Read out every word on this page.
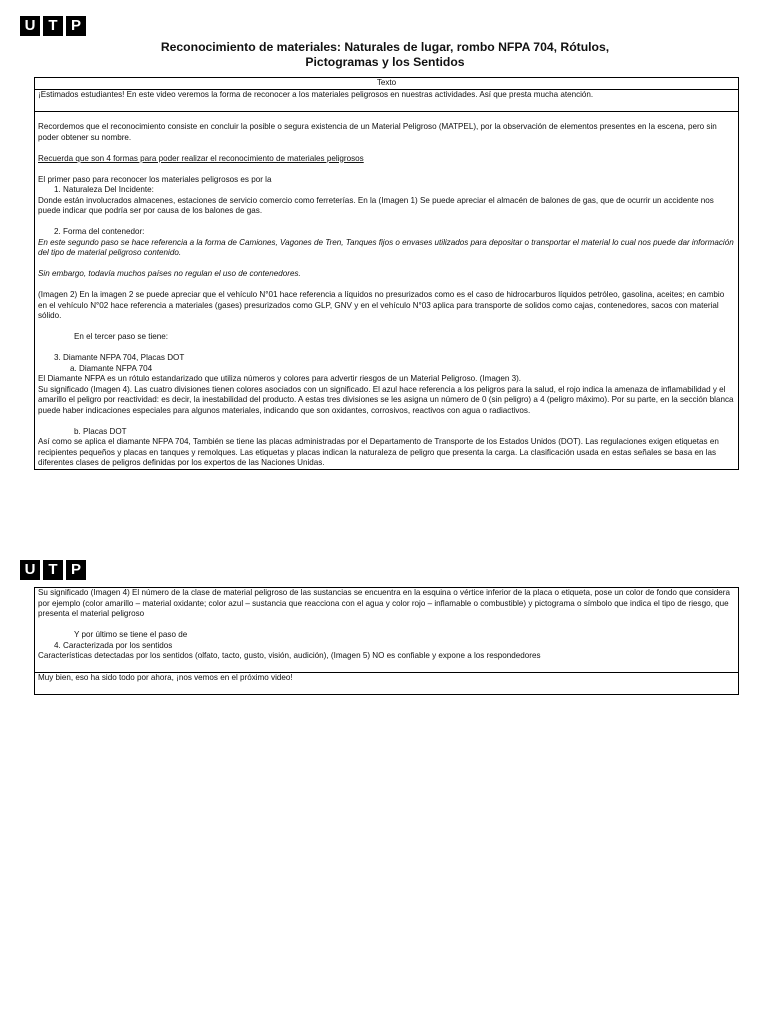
U T P
Reconocimiento de materiales: Naturales de lugar, rombo NFPA 704, Rótulos,
Pictogramas y los Sentidos
Texto

¡Estimados estudiantes! En este video veremos la forma de reconocer a los materiales peligrosos en nuestras actividades. Así que presta mucha atención.

Recordemos que el reconocimiento consiste en concluir la posible o segura existencia de un Material Peligroso (MATPEL), por la observación de elementos presentes en la escena, pero sin poder obtener su nombre.

Recuerda que son 4 formas para poder realizar el reconocimiento de materiales peligrosos

El primer paso para reconocer los materiales peligrosos es por la

1. Naturaleza Del Incidente:

Donde están involucrados almacenes, estaciones de servicio comercio como ferreterías. En la (Imagen 1) Se puede apreciar el almacén de balones de gas, que de ocurrir un accidente nos puede indicar que podría ser por causa de los balones de gas.

2. Forma del contenedor:

En este segundo paso se hace referencia a la forma de Camiones, Vagones de Tren, Tanques fijos o envases utilizados para depositar o transportar el material lo cual nos puede dar información del tipo de material peligroso contenido.

Sin embargo, todavía muchos países no regulan el uso de contenedores.

(Imagen 2) En la imagen 2 se puede apreciar que el vehículo N°01 hace referencia a líquidos no presurizados como es el caso de hidrocarburos líquidos petróleo, gasolina, aceites; en cambio en el vehículo N°02 hace referencia a materiales (gases) presurizados como GLP, GNV y en el vehículo N°03 aplica para transporte de solidos como cajas, contenedores, sacos con material sólido.

En el tercer paso se tiene:

3. Diamante NFPA 704, Placas DOT

a. Diamante NFPA 704

El Diamante NFPA es un rótulo estandarizado que utiliza números y colores para advertir riesgos de un Material Peligroso. (Imagen 3).

Su significado (Imagen 4). Las cuatro divisiones tienen colores asociados con un significado. El azul hace referencia a los peligros para la salud, el rojo indica la amenaza de inflamabilidad y el amarillo el peligro por reactividad: es decir, la inestabilidad del producto. A estas tres divisiones se les asigna un número de 0 (sin peligro) a 4 (peligro máximo). Por su parte, en la sección blanca puede haber indicaciones especiales para algunos materiales, indicando que son oxidantes, corrosivos, reactivos con agua o radiactivos.

b. Placas DOT

Así como se aplica el diamante NFPA 704, También se tiene las placas administradas por el Departamento de Transporte de los Estados Unidos (DOT). Las regulaciones exigen etiquetas en recipientes pequeños y placas en tanques y remolques. Las etiquetas y placas indican la naturaleza de peligro que presenta la carga. La clasificación usada en estas señales se basa en las diferentes clases de peligros definidas por los expertos de las Naciones Unidas.

U T P

Su significado (Imagen 4) El número de la clase de material peligroso de las sustancias se encuentra en la esquina o vértice inferior de la placa o etiqueta, pose un color de fondo que considera por ejemplo (color amarillo – material oxidante; color azul – sustancia que reacciona con el agua y color rojo – inflamable o combustible) y pictograma o símbolo que indica el tipo de riesgo, que presenta el material peligroso

Y por último se tiene el paso de

4. Caracterizada por los sentidos

Características detectadas por los sentidos (olfato, tacto, gusto, visión, audición), (Imagen 5) NO es confiable y expone a los respondedores

Muy bien, eso ha sido todo por ahora, ¡nos vemos en el próximo video!
